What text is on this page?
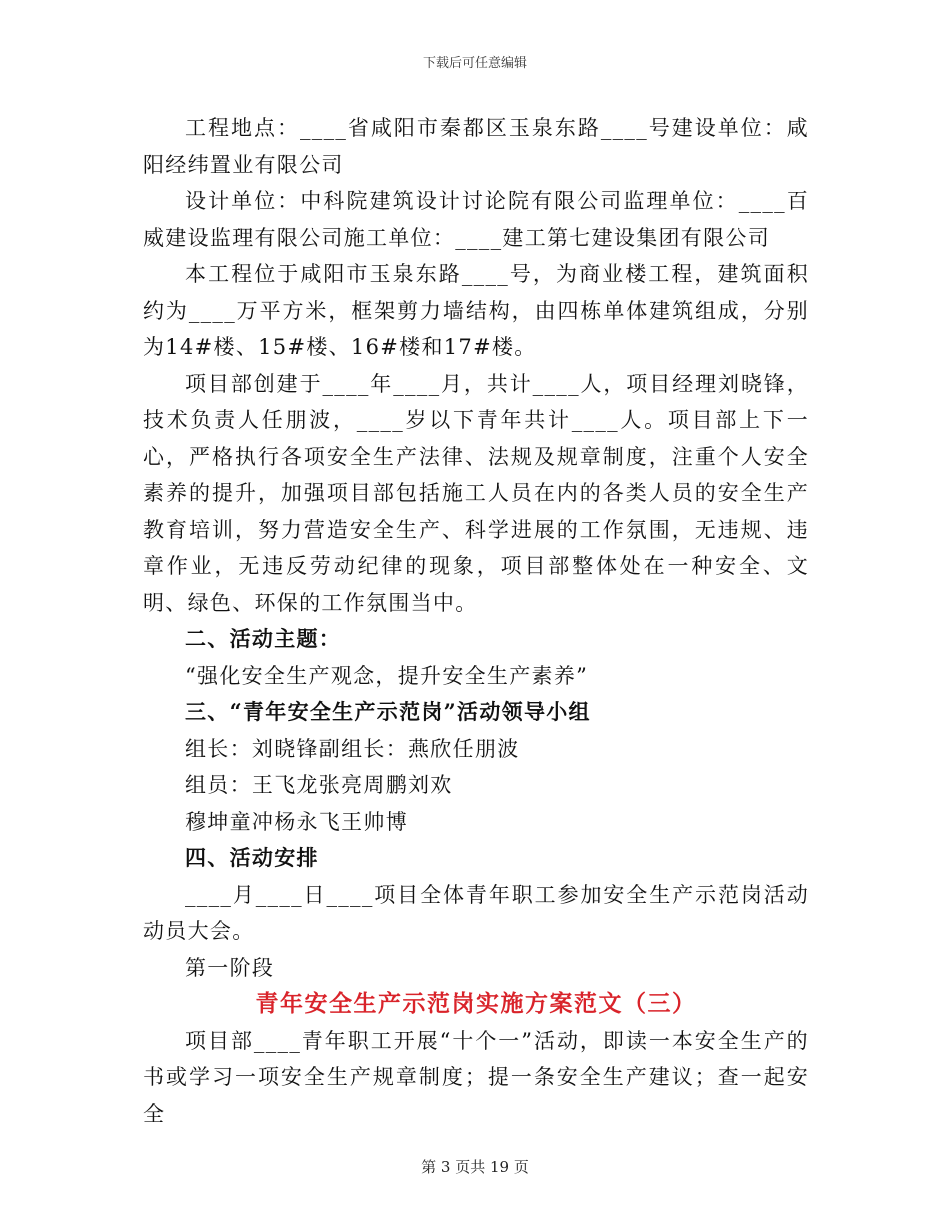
下载后可任意编辑

工程地点：____省咸阳市秦都区玉泉东路____号建设单位：咸阳经纬置业有限公司

设计单位：中科院建筑设计讨论院有限公司监理单位：____百威建设监理有限公司施工单位：____建工第七建设集团有限公司

本工程位于咸阳市玉泉东路____号，为商业楼工程，建筑面积约为____万平方米，框架剪力墙结构，由四栋单体建筑组成，分别为14#楼、15#楼、16#楼和17#楼。

项目部创建于____年____月，共计____人，项目经理刘晓锋，技术负责人任朋波，____岁以下青年共计____人。项目部上下一心，严格执行各项安全生产法律、法规及规章制度，注重个人安全素养的提升，加强项目部包括施工人员在内的各类人员的安全生产教育培训，努力营造安全生产、科学进展的工作氛围，无违规、违章作业，无违反劳动纪律的现象，项目部整体处在一种安全、文明、绿色、环保的工作氛围当中。

二、活动主题：

“强化安全生产观念，提升安全生产素养”

三、“青年安全生产示范岗”活动领导小组

组长：刘晓锋副组长：燕欣任朋波

组员：王飞龙张亮周鹏刘欢

穆坤童冲杨永飞王帅博

四、活动安排

____月____日____项目全体青年职工参加安全生产示范岗活动动员大会。

第一阶段

青年安全生产示范岗实施方案范文（三）

项目部____青年职工开展“十个一”活动，即读一本安全生产的书或学习一项安全生产规章制度；提一条安全生产建议；查一起安全

第 3 页共 19 页
